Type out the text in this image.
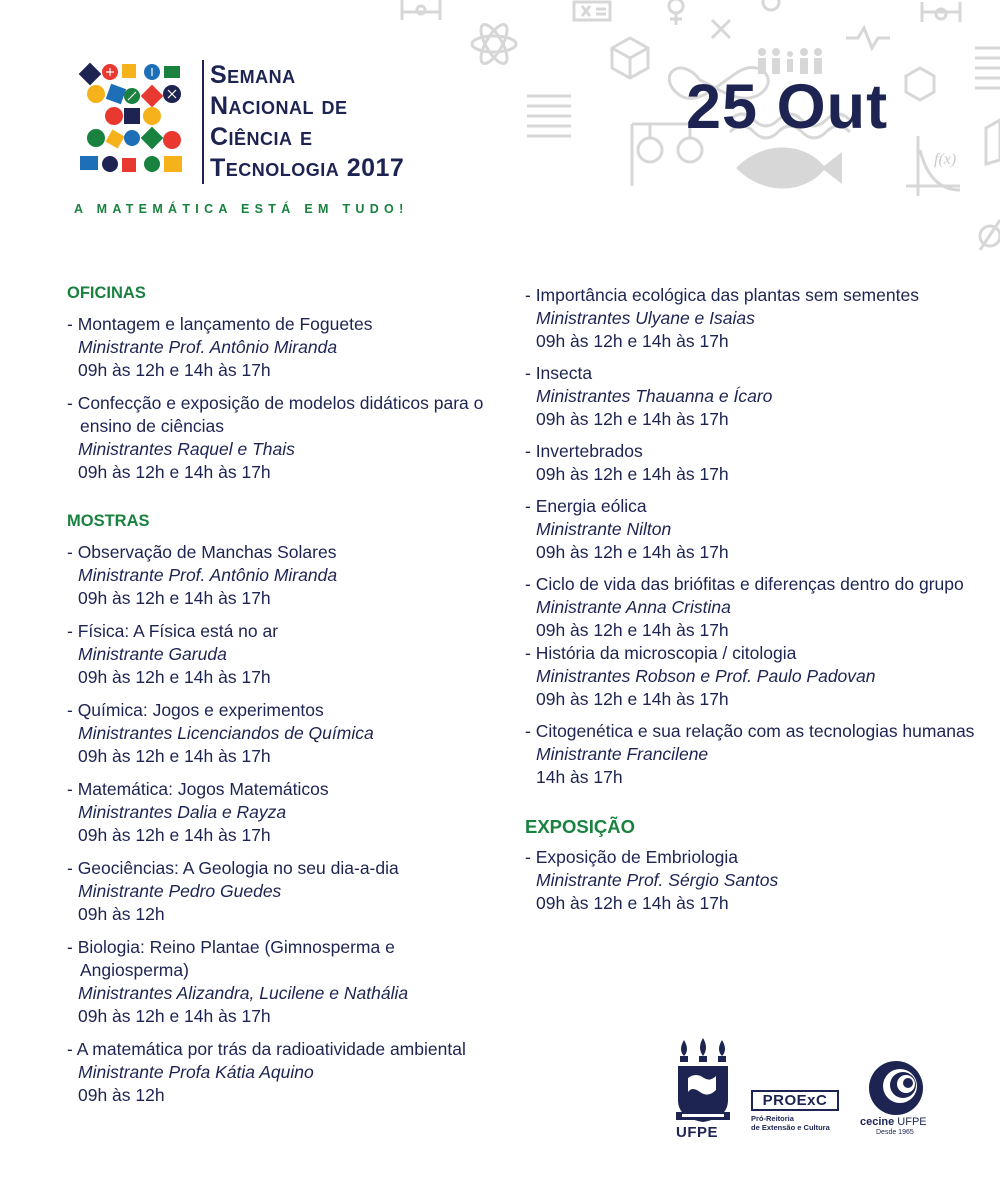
f(x)
Semana
Nacional de
Ciência e
Tecnologia 2017
A MATEMÁTICA ESTÁ EM TUDO!
25 Out
OFICINAS
- Montagem e lançamento de Foguetes
Ministrante Prof. Antônio Miranda
09h às 12h e 14h às 17h
- Confecção e exposição de modelos didáticos para o ensino de ciências
Ministrantes Raquel e Thais
09h às 12h e 14h às 17h
MOSTRAS
- Observação de Manchas Solares
Ministrante Prof. Antônio Miranda
09h às 12h e 14h às 17h
- Física: A Física está no ar
Ministrante Garuda
09h às 12h e 14h às 17h
- Química: Jogos e experimentos
Ministrantes Licenciandos de Química
09h às 12h e 14h às 17h
- Matemática: Jogos Matemáticos
Ministrantes Dalia e Rayza
09h às 12h e 14h às 17h
- Geociências: A Geologia no seu dia-a-dia
Ministrante Pedro Guedes
09h às 12h
- Biologia: Reino Plantae (Gimnosperma e Angiosperma)
Ministrantes Alizandra, Lucilene e Nathália
09h às 12h e 14h às 17h
- A matemática por trás da radioatividade ambiental
Ministrante Profa Kátia Aquino
09h às 12h
- Importância ecológica das plantas sem sementes
Ministrantes Ulyane e Isaias
09h às 12h e 14h às 17h
- Insecta
Ministrantes Thauanna e Ícaro
09h às 12h e 14h às 17h
- Invertebrados
09h às 12h e 14h às 17h
- Energia eólica
Ministrante Nilton
09h às 12h e 14h às 17h
- Ciclo de vida das briófitas e diferenças dentro do grupo
Ministrante Anna Cristina
09h às 12h e 14h às 17h
- História da microscopia / citologia
Ministrantes Robson e Prof. Paulo Padovan
09h às 12h e 14h às 17h
- Citogenética e sua relação com as tecnologias humanas
Ministrante Francilene
14h às 17h
EXPOSIÇÃO
- Exposição de Embriologia
Ministrante Prof. Sérgio Santos
09h às 12h e 14h às 17h
UFPE
PROExC
Pró-Reitoria
de Extensão e Cultura	cecine UFPE
Desde 1965
